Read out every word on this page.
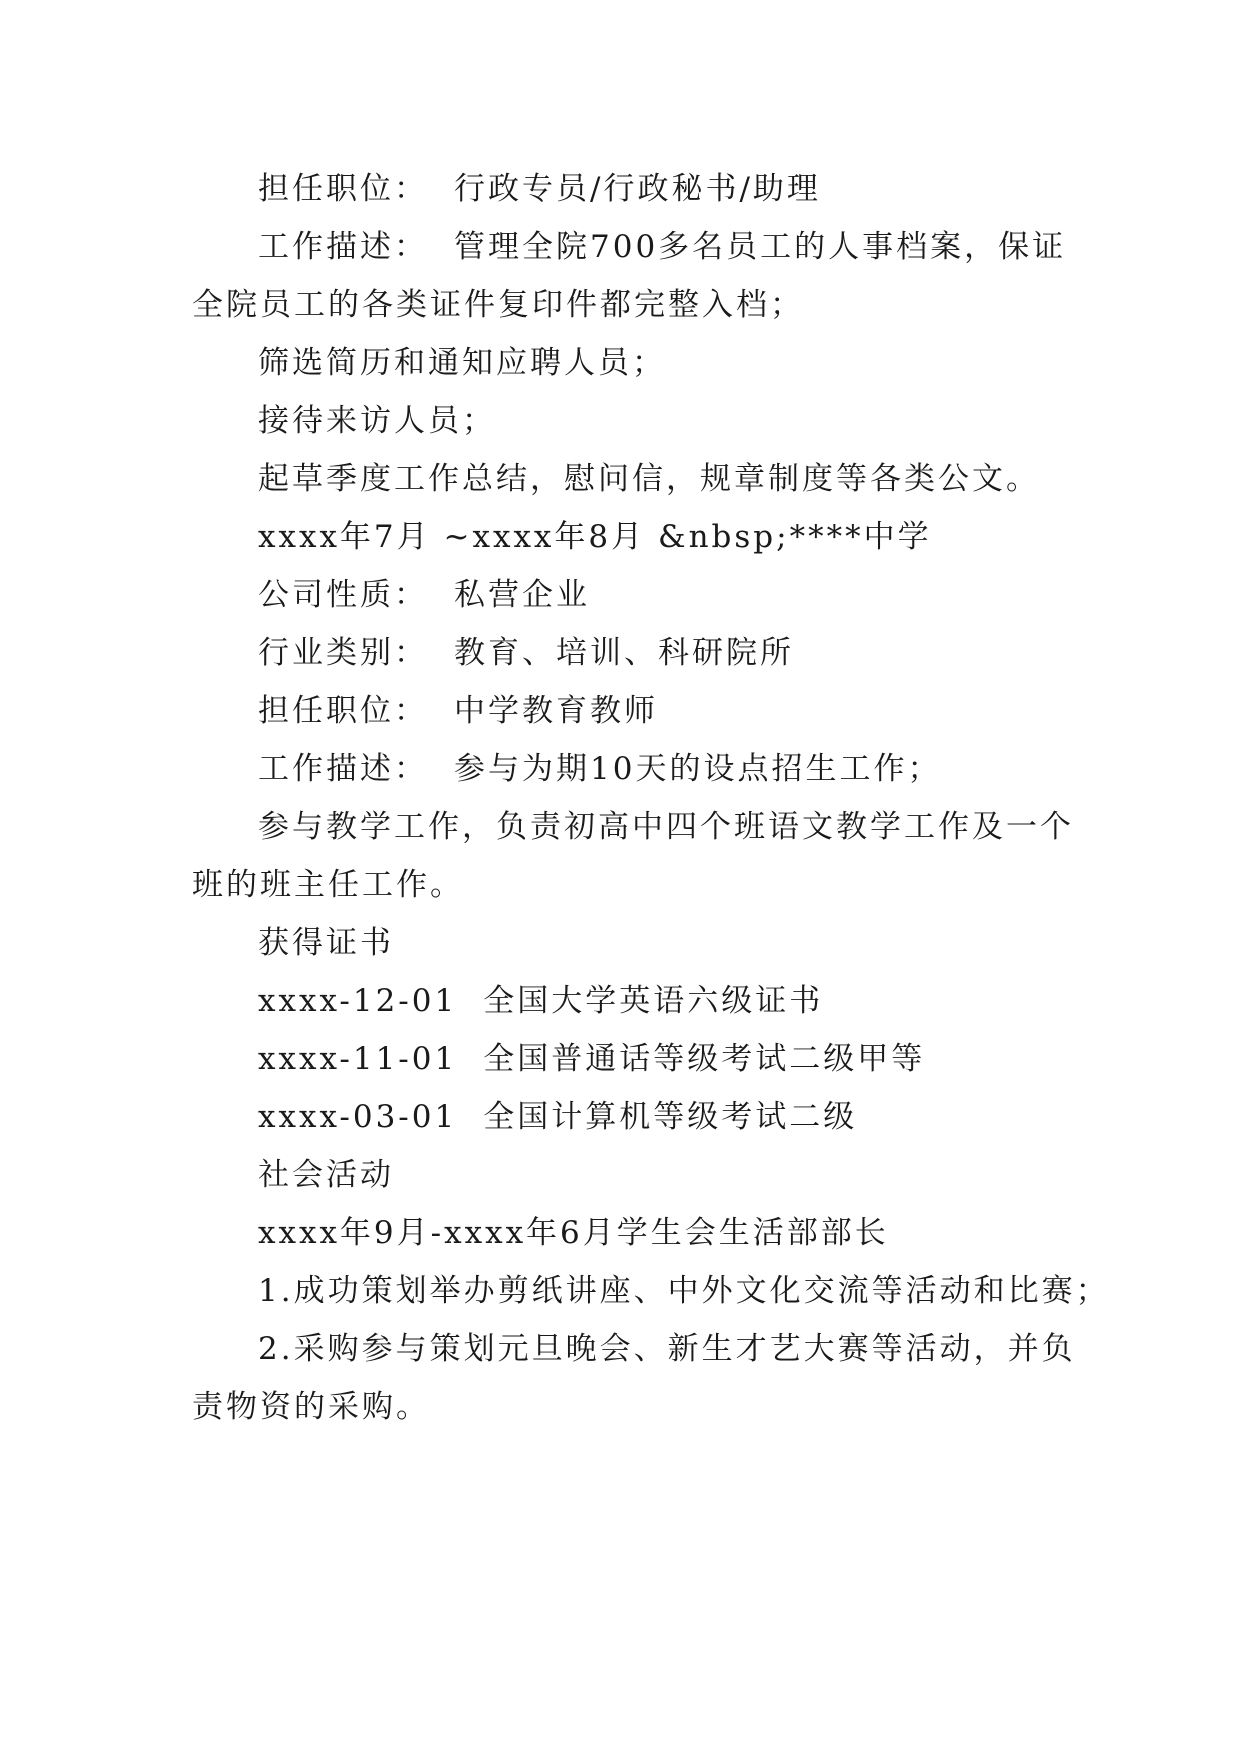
担任职位： 行政专员/行政秘书/助理
工作描述： 管理全院700多名员工的人事档案，保证
全院员工的各类证件复印件都完整入档；
筛选简历和通知应聘人员；
接待来访人员；
起草季度工作总结，慰问信，规章制度等各类公文。
xxxx年7月 ~xxxx年8月 &nbsp;****中学
公司性质： 私营企业
行业类别： 教育、培训、科研院所
担任职位： 中学教育教师
工作描述： 参与为期10天的设点招生工作；
参与教学工作，负责初高中四个班语文教学工作及一个
班的班主任工作。
获得证书
xxxx-12-01 全国大学英语六级证书
xxxx-11-01 全国普通话等级考试二级甲等
xxxx-03-01 全国计算机等级考试二级
社会活动
xxxx年9月-xxxx年6月学生会生活部部长
1.成功策划举办剪纸讲座、中外文化交流等活动和比赛；
2.采购参与策划元旦晚会、新生才艺大赛等活动，并负
责物资的采购。
